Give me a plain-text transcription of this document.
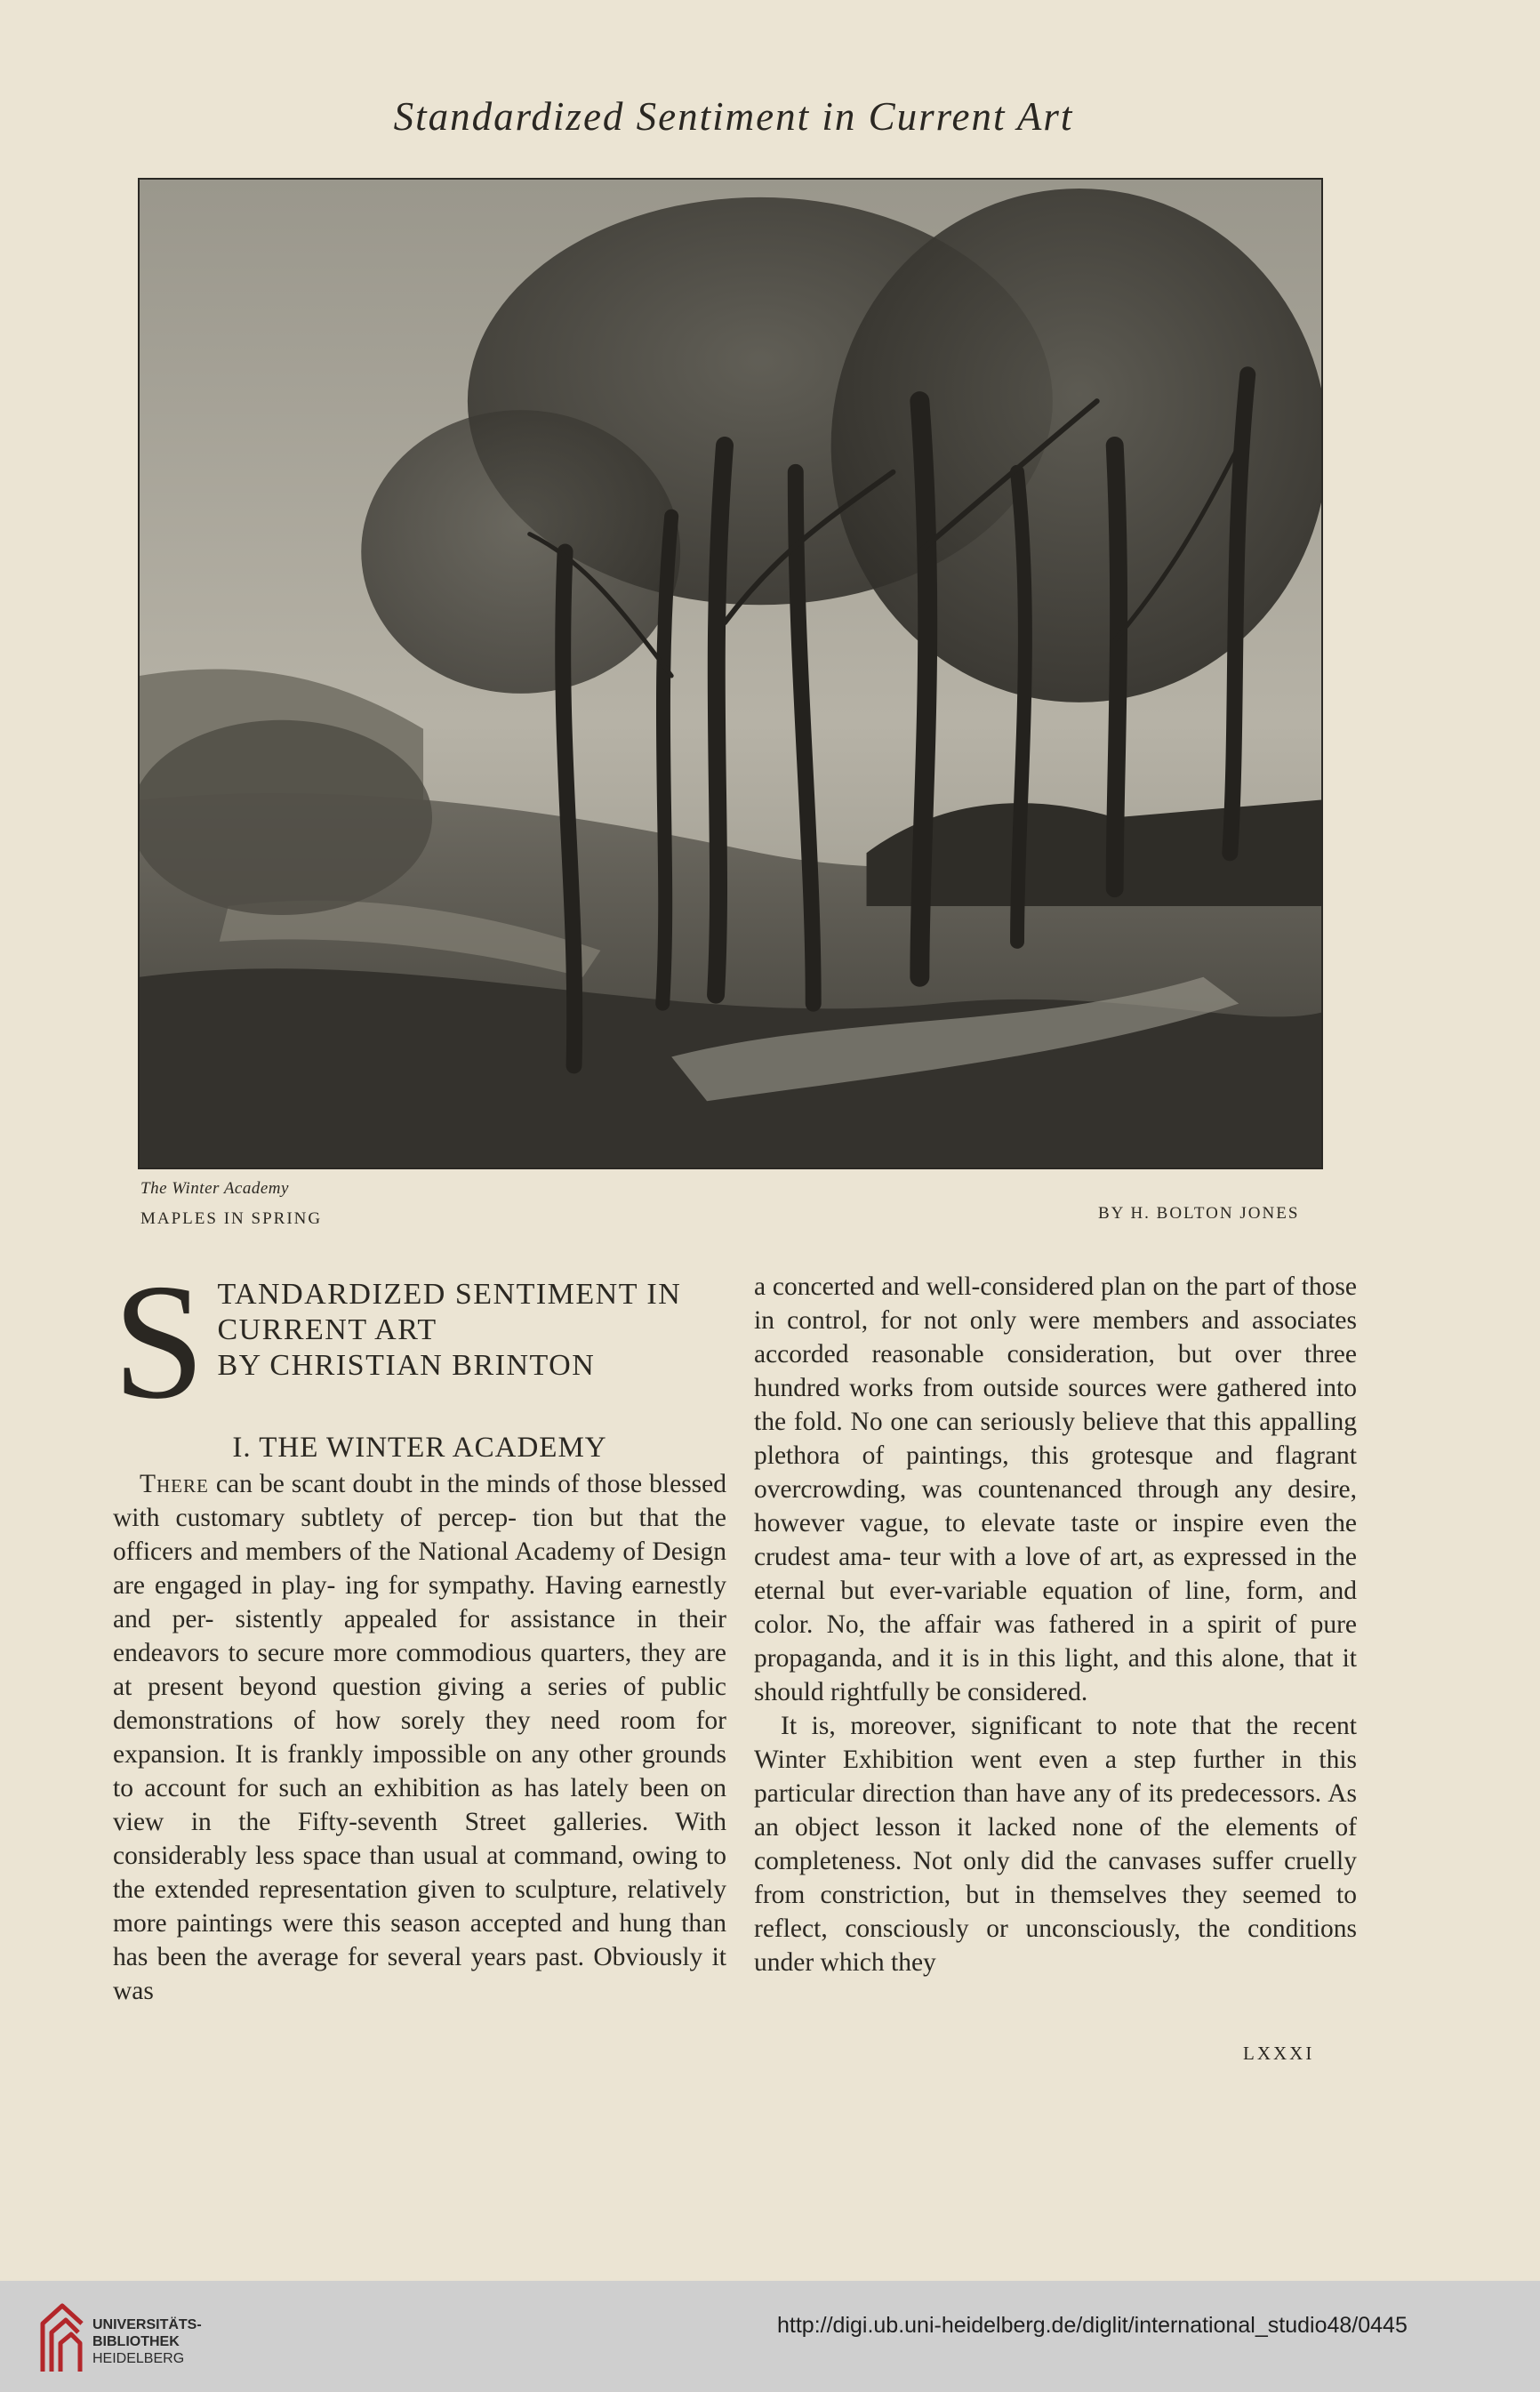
Standardized Sentiment in Current Art
The Winter Academy
MAPLES IN SPRING	BY H. BOLTON JONES
S TANDARDIZED SENTIMENT IN
CURRENT ART
BY CHRISTIAN BRINTON
I. THE WINTER ACADEMY

There can be scant doubt in the minds of those blessed with customary subtlety of percep- tion but that the officers and members of the National Academy of Design are engaged in play- ing for sympathy. Having earnestly and per- sistently appealed for assistance in their endeavors to secure more commodious quarters, they are at present beyond question giving a series of public demonstrations of how sorely they need room for expansion. It is frankly impossible on any other grounds to account for such an exhibition as has lately been on view in the Fifty-seventh Street galleries. With considerably less space than usual at command, owing to the extended representation given to sculpture, relatively more paintings were this season accepted and hung than has been the average for several years past. Obviously it was

a concerted and well-considered plan on the part of those in control, for not only were members and associates accorded reasonable consideration, but over three hundred works from outside sources were gathered into the fold. No one can seriously believe that this appalling plethora of paintings, this grotesque and flagrant overcrowding, was countenanced through any desire, however vague, to elevate taste or inspire even the crudest ama- teur with a love of art, as expressed in the eternal but ever-variable equation of line, form, and color. No, the affair was fathered in a spirit of pure propaganda, and it is in this light, and this alone, that it should rightfully be considered.

It is, moreover, significant to note that the recent Winter Exhibition went even a step further in this particular direction than have any of its predecessors. As an object lesson it lacked none of the elements of completeness. Not only did the canvases suffer cruelly from constriction, but in themselves they seemed to reflect, consciously or unconsciously, the conditions under which they

LXXXI
UNIVERSITÄTS-
BIBLIOTHEK
HEIDELBERG
http://digi.ub.uni-heidelberg.de/diglit/international_studio48/0445
